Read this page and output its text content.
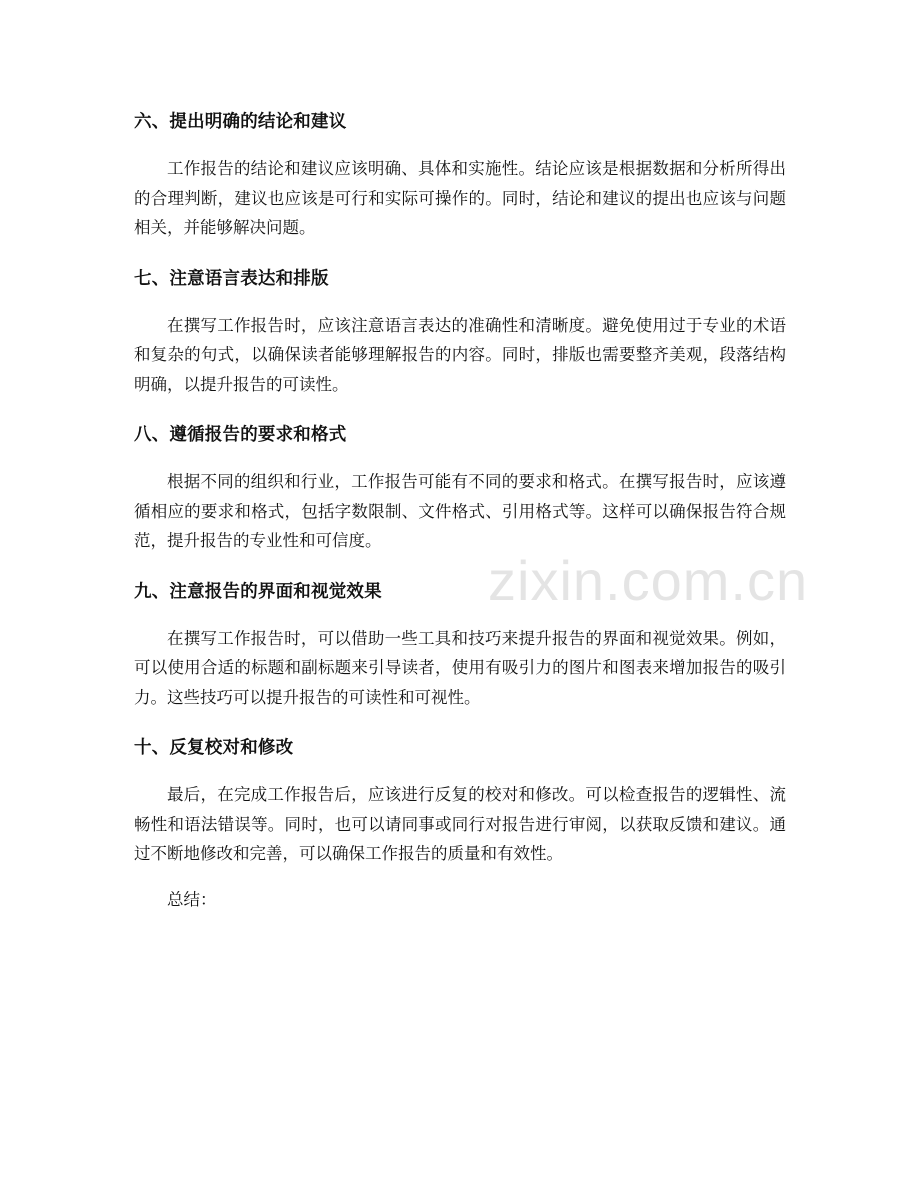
六、提出明确的结论和建议

工作报告的结论和建议应该明确、具体和实施性。结论应该是根据数据和分析所得出的合理判断，建议也应该是可行和实际可操作的。同时，结论和建议的提出也应该与问题相关，并能够解决问题。

七、注意语言表达和排版

在撰写工作报告时，应该注意语言表达的准确性和清晰度。避免使用过于专业的术语和复杂的句式，以确保读者能够理解报告的内容。同时，排版也需要整齐美观，段落结构明确，以提升报告的可读性。

八、遵循报告的要求和格式

根据不同的组织和行业，工作报告可能有不同的要求和格式。在撰写报告时，应该遵循相应的要求和格式，包括字数限制、文件格式、引用格式等。这样可以确保报告符合规范，提升报告的专业性和可信度。

九、注意报告的界面和视觉效果

在撰写工作报告时，可以借助一些工具和技巧来提升报告的界面和视觉效果。例如，可以使用合适的标题和副标题来引导读者，使用有吸引力的图片和图表来增加报告的吸引力。这些技巧可以提升报告的可读性和可视性。

十、反复校对和修改

最后，在完成工作报告后，应该进行反复的校对和修改。可以检查报告的逻辑性、流畅性和语法错误等。同时，也可以请同事或同行对报告进行审阅，以获取反馈和建议。通过不断地修改和完善，可以确保工作报告的质量和有效性。

总结：

zixin.com.cn
